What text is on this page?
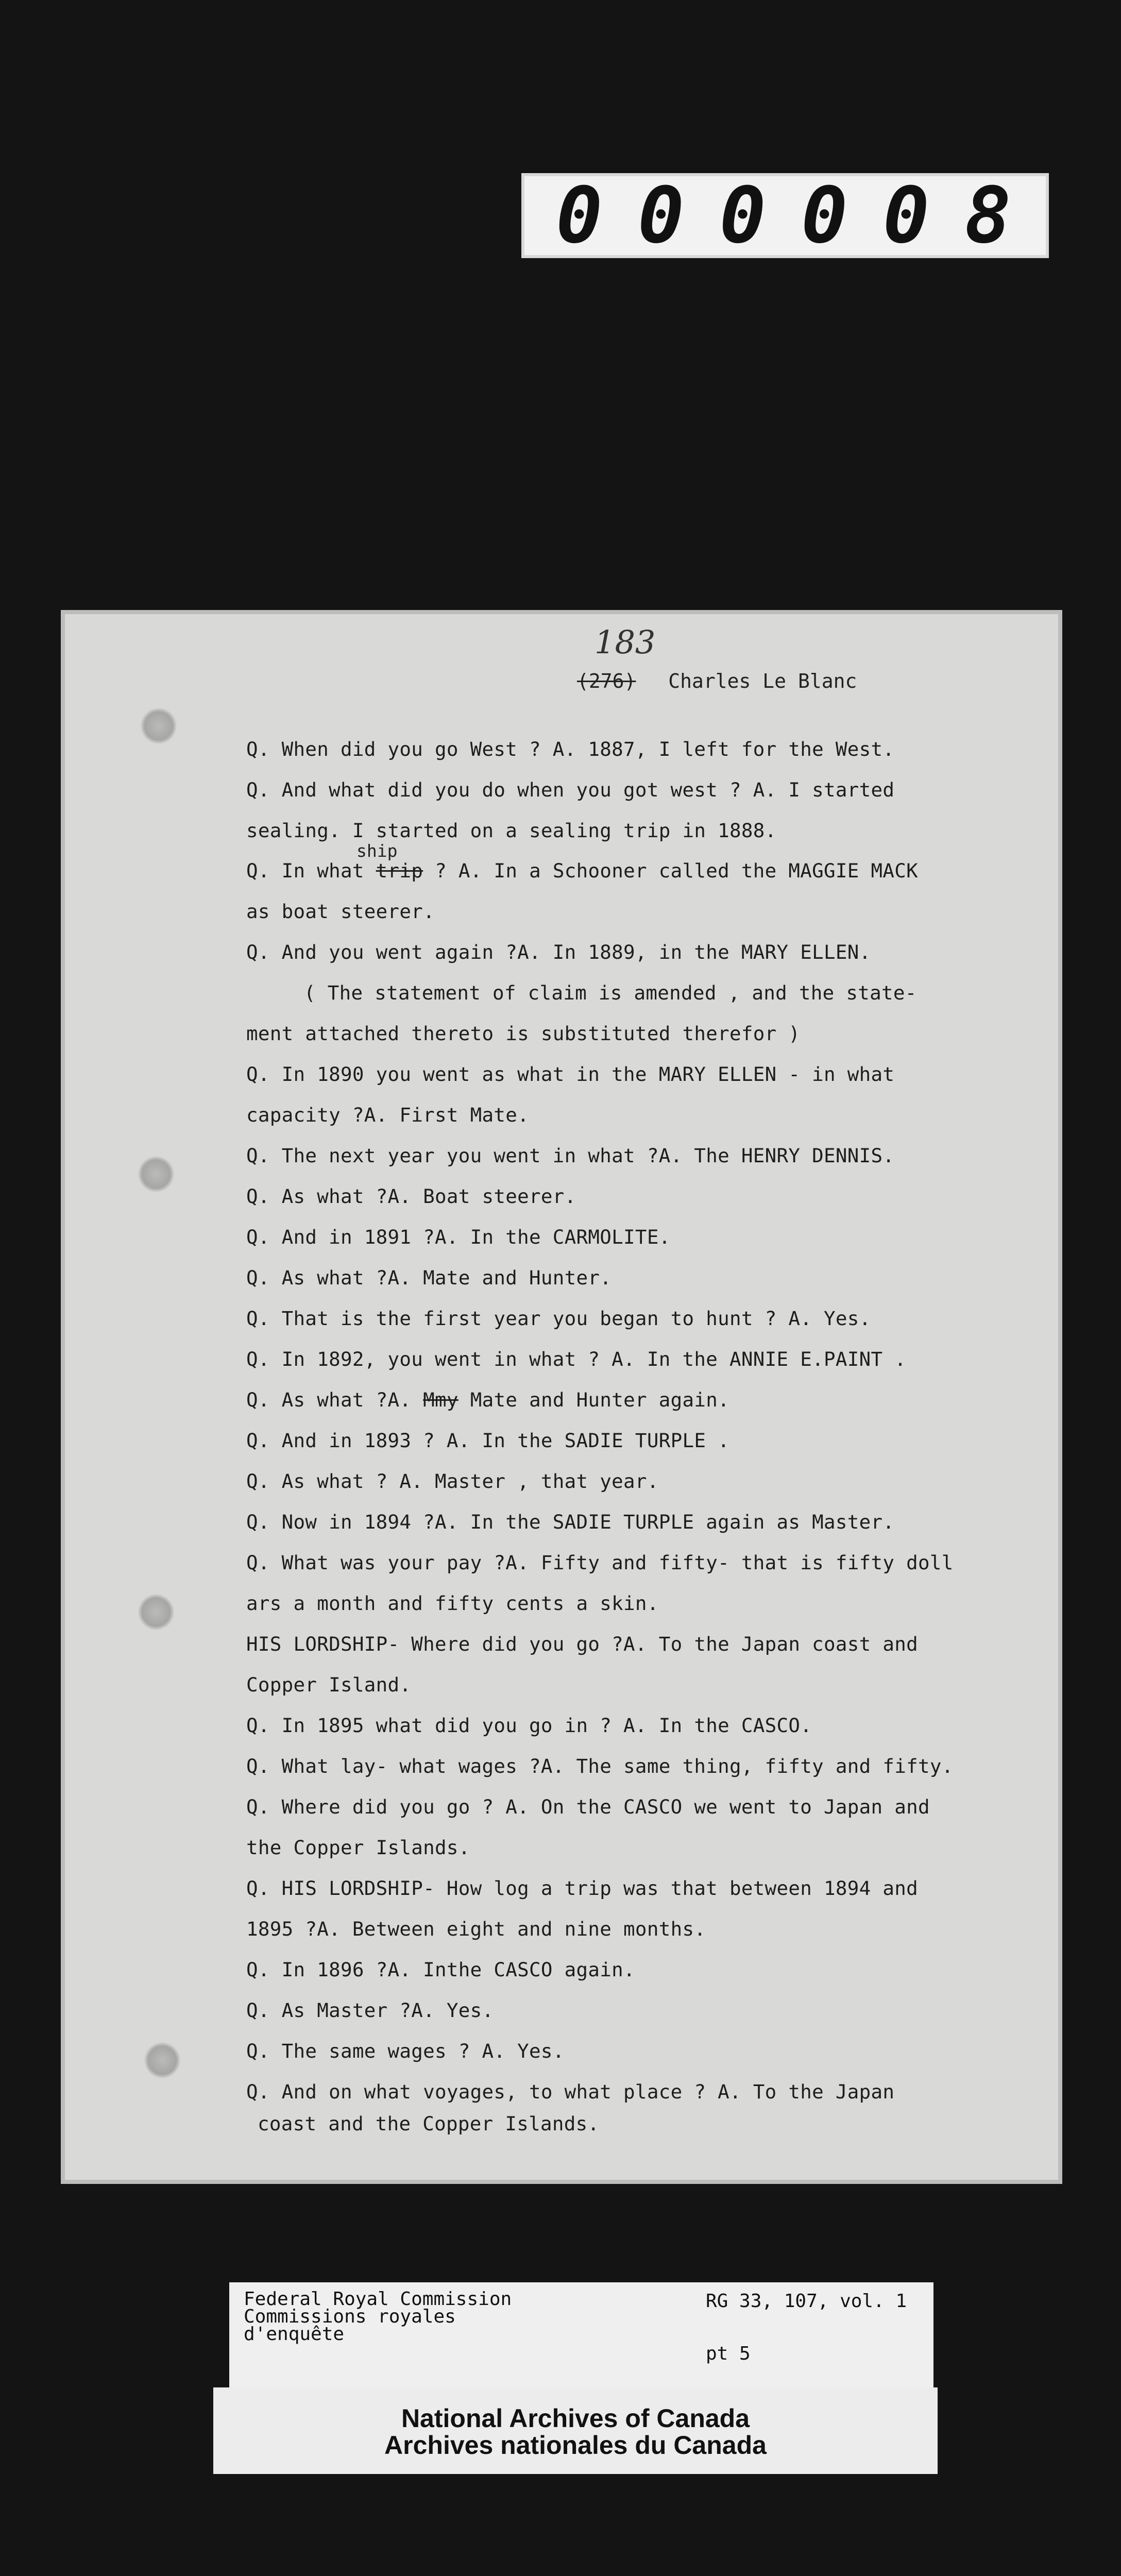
0 0 0 0 0 8
183
(276) Charles Le Blanc
Q. When did you go West ? A. 1887, I left for the West.
Q. And what did you do when you got west ? A. I started
sealing. I started on a sealing trip in 1888.
ship
Q. In what trip ? A. In a Schooner called the MAGGIE MACK
as boat steerer.
Q. And you went again ?A. In 1889, in the MARY ELLEN.
( The statement of claim is amended , and the state-
ment attached thereto is substituted therefor )
Q. In 1890 you went as what in the MARY ELLEN - in what
capacity ?A. First Mate.
Q. The next year you went in what ?A. The HENRY DENNIS.
Q. As what ?A. Boat steerer.
Q. And in 1891 ?A. In the CARMOLITE.
Q. As what ?A. Mate and Hunter.
Q. That is the first year you began to hunt ? A. Yes.
Q. In 1892, you went in what ? A. In the ANNIE E.PAINT .
Q. As what ?A. Mmy Mate and Hunter again.
Q. And in 1893 ? A. In the SADIE TURPLE .
Q. As what ? A. Master , that year.
Q. Now in 1894 ?A. In the SADIE TURPLE again as Master.
Q. What was your pay ?A. Fifty and fifty- that is fifty doll
ars a month and fifty cents a skin.
HIS LORDSHIP- Where did you go ?A. To the Japan coast and
Copper Island.
Q. In 1895 what did you go in ? A. In the CASCO.
Q. What lay- what wages ?A. The same thing, fifty and fifty.
Q. Where did you go ? A. On the CASCO we went to Japan and
the Copper Islands.
Q. HIS LORDSHIP- How log a trip was that between 1894 and
1895 ?A. Between eight and nine months.
Q. In 1896 ?A. Inthe CASCO again.
Q. As Master ?A. Yes.
Q. The same wages ? A. Yes.
Q. And on what voyages, to what place ? A. To the Japan
coast and the Copper Islands.
Federal Royal Commission
Commissions royales
d'enquête
RG 33, 107, vol. 1
pt 5
National Archives of Canada
Archives nationales du Canada
